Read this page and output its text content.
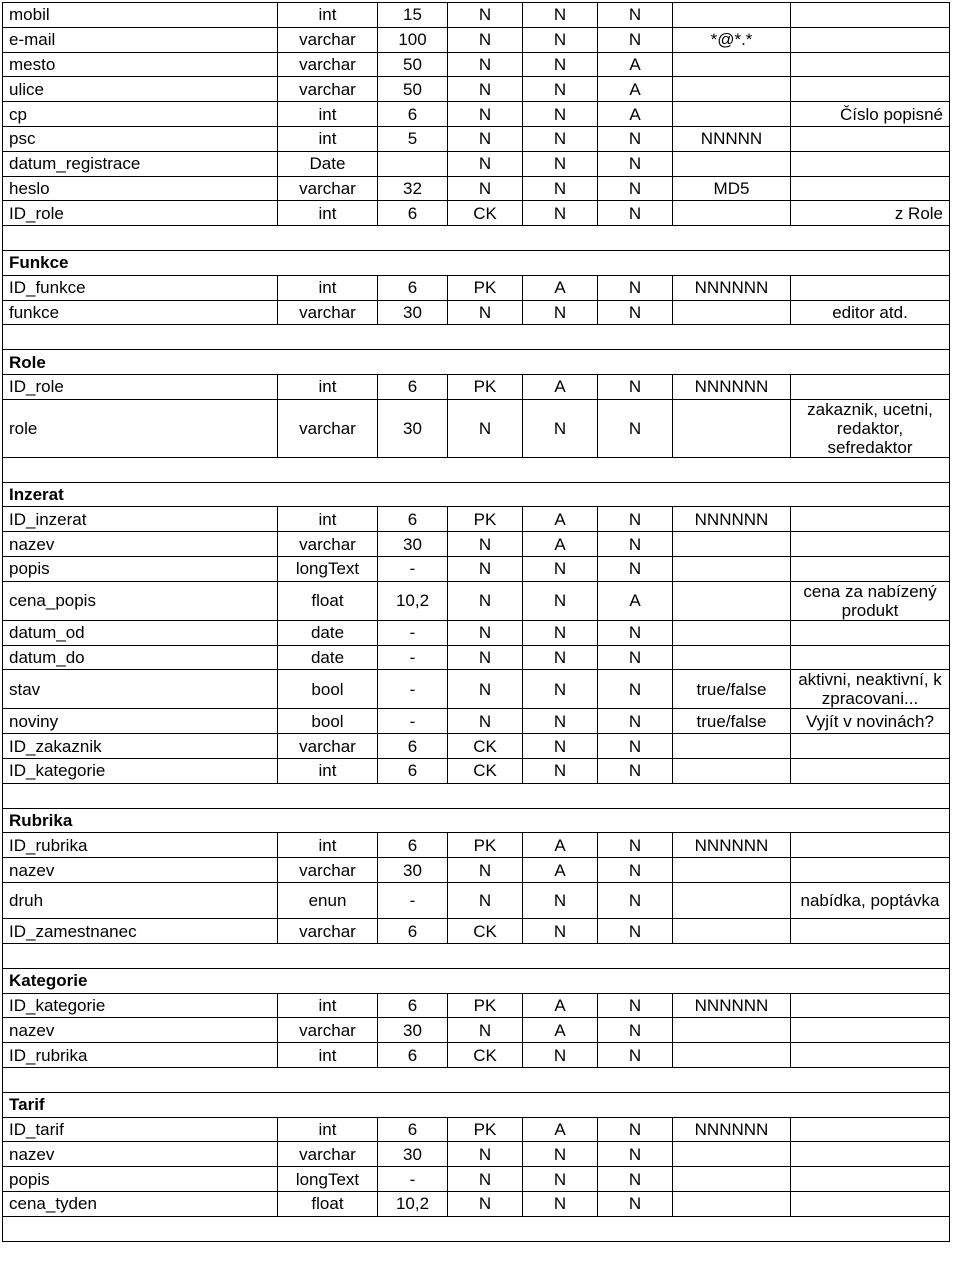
mobil	int	15	N	N	N		
e-mail	varchar	100	N	N	N	*@*.*	
mesto	varchar	50	N	N	A		
ulice	varchar	50	N	N	A		
cp	int	6	N	N	A		Číslo popisné
psc	int	5	N	N	N	NNNNN	
datum_registrace	Date		N	N	N		
heslo	varchar	32	N	N	N	MD5	
ID_role	int	6	CK	N	N		z Role

Funkce							
ID_funkce	int	6	PK	A	N	NNNNNN	
funkce	varchar	30	N	N	N		editor atd.

Role							
ID_role	int	6	PK	A	N	NNNNNN	
role	varchar	30	N	N	N		zakaznik, ucetni, redaktor, sefredaktor

Inzerat							
ID_inzerat	int	6	PK	A	N	NNNNNN	
nazev	varchar	30	N	A	N		
popis	longText	-	N	N	N		
cena_popis	float	10,2	N	N	A		cena za nabízený produkt
datum_od	date	-	N	N	N		
datum_do	date	-	N	N	N		
stav	bool	-	N	N	N	true/false	aktivni, neaktivní, k zpracovani...
noviny	bool	-	N	N	N	true/false	Vyjít v novinách?
ID_zakaznik	varchar	6	CK	N	N		
ID_kategorie	int	6	CK	N	N		

Rubrika							
ID_rubrika	int	6	PK	A	N	NNNNNN	
nazev	varchar	30	N	A	N		
druh	enun	-	N	N	N		nabídka, poptávka
ID_zamestnanec	varchar	6	CK	N	N		

Kategorie							
ID_kategorie	int	6	PK	A	N	NNNNNN	
nazev	varchar	30	N	A	N		
ID_rubrika	int	6	CK	N	N		

Tarif							
ID_tarif	int	6	PK	A	N	NNNNNN	
nazev	varchar	30	N	N	N		
popis	longText	-	N	N	N		
cena_tyden	float	10,2	N	N	N		
